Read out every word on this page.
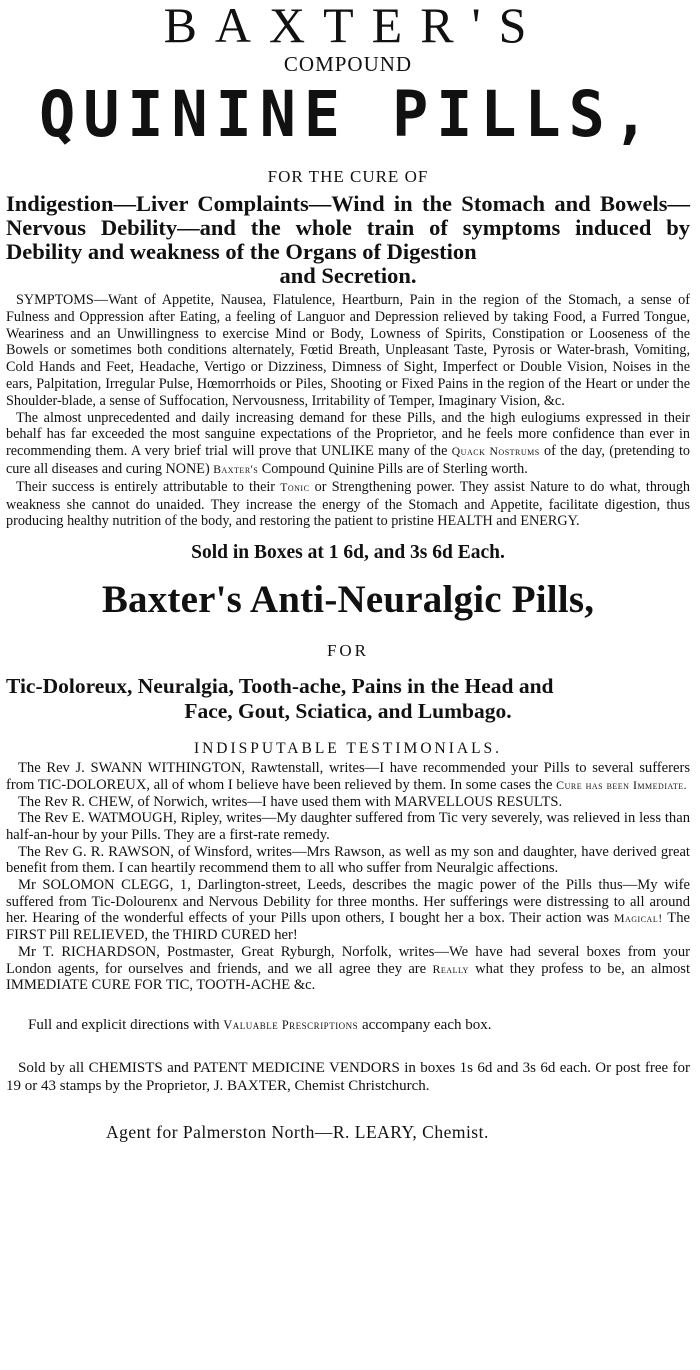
BAXTER'S
COMPOUND
QUININE PILLS,
FOR THE CURE OF
Indigestion—Liver Complaints—Wind in the Stomach and Bowels—Nervous Debility—and the whole train of symptoms induced by Debility and weakness of the Organs of Digestion
and Secretion.

SYMPTOMS—Want of Appetite, Nausea, Flatulence, Heartburn, Pain in the region of the Stomach, a sense of Fulness and Oppression after Eating, a feeling of Languor and Depression relieved by taking Food, a Furred Tongue, Weariness and an Unwillingness to exercise Mind or Body, Lowness of Spirits, Constipation or Looseness of the Bowels or sometimes both conditions alternately, Fœtid Breath, Unpleasant Taste, Pyrosis or Water-brash, Vomiting, Cold Hands and Feet, Headache, Vertigo or Dizziness, Dimness of Sight, Imperfect or Double Vision, Noises in the ears, Palpitation, Irregular Pulse, Hœmorrhoids or Piles, Shooting or Fixed Pains in the region of the Heart or under the Shoulder-blade, a sense of Suffocation, Nervousness, Irritability of Temper, Imaginary Vision, &c.

The almost unprecedented and daily increasing demand for these Pills, and the high eulogiums expressed in their behalf has far exceeded the most sanguine expectations of the Proprietor, and he feels more confidence than ever in recommending them. A very brief trial will prove that UNLIKE many of the Quack Nostrums of the day, (pretending to cure all diseases and curing NONE) Baxter's Compound Quinine Pills are of Sterling worth.

Their success is entirely attributable to their Tonic or Strengthening power. They assist Nature to do what, through weakness she cannot do unaided. They increase the energy of the Stomach and Appetite, facilitate digestion, thus producing healthy nutrition of the body, and restoring the patient to pristine HEALTH and ENERGY.

Sold in Boxes at 1 6d, and 3s 6d Each.
Baxter's Anti-Neuralgic Pills,
FOR
Tic-Doloreux, Neuralgia, Tooth-ache, Pains in the Head and
Face, Gout, Sciatica, and Lumbago.
INDISPUTABLE TESTIMONIALS.

The Rev J. SWANN WITHINGTON, Rawtenstall, writes—I have recommended your Pills to several sufferers from TIC-DOLOREUX, all of whom I believe have been relieved by them. In some cases the Cure has been Immediate.

The Rev R. CHEW, of Norwich, writes—I have used them with MARVELLOUS RESULTS.

The Rev E. WATMOUGH, Ripley, writes—My daughter suffered from Tic very severely, was relieved in less than half-an-hour by your Pills. They are a first-rate remedy.

The Rev G. R. RAWSON, of Winsford, writes—Mrs Rawson, as well as my son and daughter, have derived great benefit from them. I can heartily recommend them to all who suffer from Neuralgic affections.

Mr SOLOMON CLEGG, 1, Darlington-street, Leeds, describes the magic power of the Pills thus—My wife suffered from Tic-Dolourenx and Nervous Debility for three months. Her sufferings were distressing to all around her. Hearing of the wonderful effects of your Pills upon others, I bought her a box. Their action was Magical! The FIRST Pill RELIEVED, the THIRD CURED her!

Mr T. RICHARDSON, Postmaster, Great Ryburgh, Norfolk, writes—We have had several boxes from your London agents, for ourselves and friends, and we all agree they are Really what they profess to be, an almost IMMEDIATE CURE FOR TIC, TOOTH-ACHE &c.

Full and explicit directions with Valuable Prescriptions accompany each box.

Sold by all CHEMISTS and PATENT MEDICINE VENDORS in boxes 1s 6d and 3s 6d each. Or post free for 19 or 43 stamps by the Proprietor, J. BAXTER, Chemist Christchurch.

Agent for Palmerston North—R. LEARY, Chemist.
